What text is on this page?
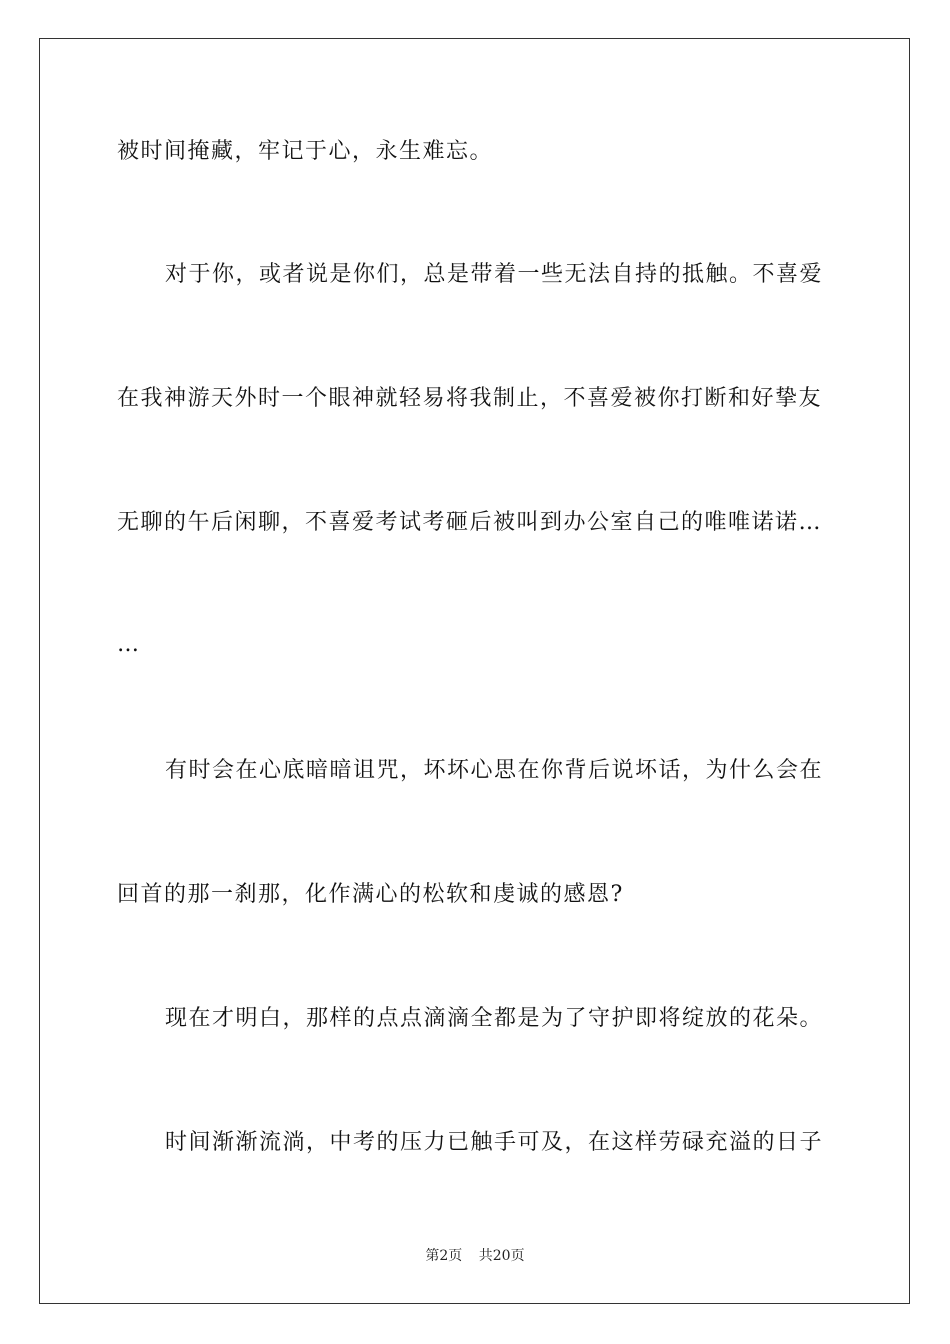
被时间掩藏，牢记于心，永生难忘。
对于你，或者说是你们，总是带着一些无法自持的抵触。不喜爱
在我神游天外时一个眼神就轻易将我制止，不喜爱被你打断和好挚友
无聊的午后闲聊，不喜爱考试考砸后被叫到办公室自己的唯唯诺诺…
…
有时会在心底暗暗诅咒，坏坏心思在你背后说坏话，为什么会在
回首的那一刹那，化作满心的松软和虔诚的感恩?
现在才明白，那样的点点滴滴全都是为了守护即将绽放的花朵。
时间渐渐流淌，中考的压力已触手可及，在这样劳碌充溢的日子
第2页 共20页
